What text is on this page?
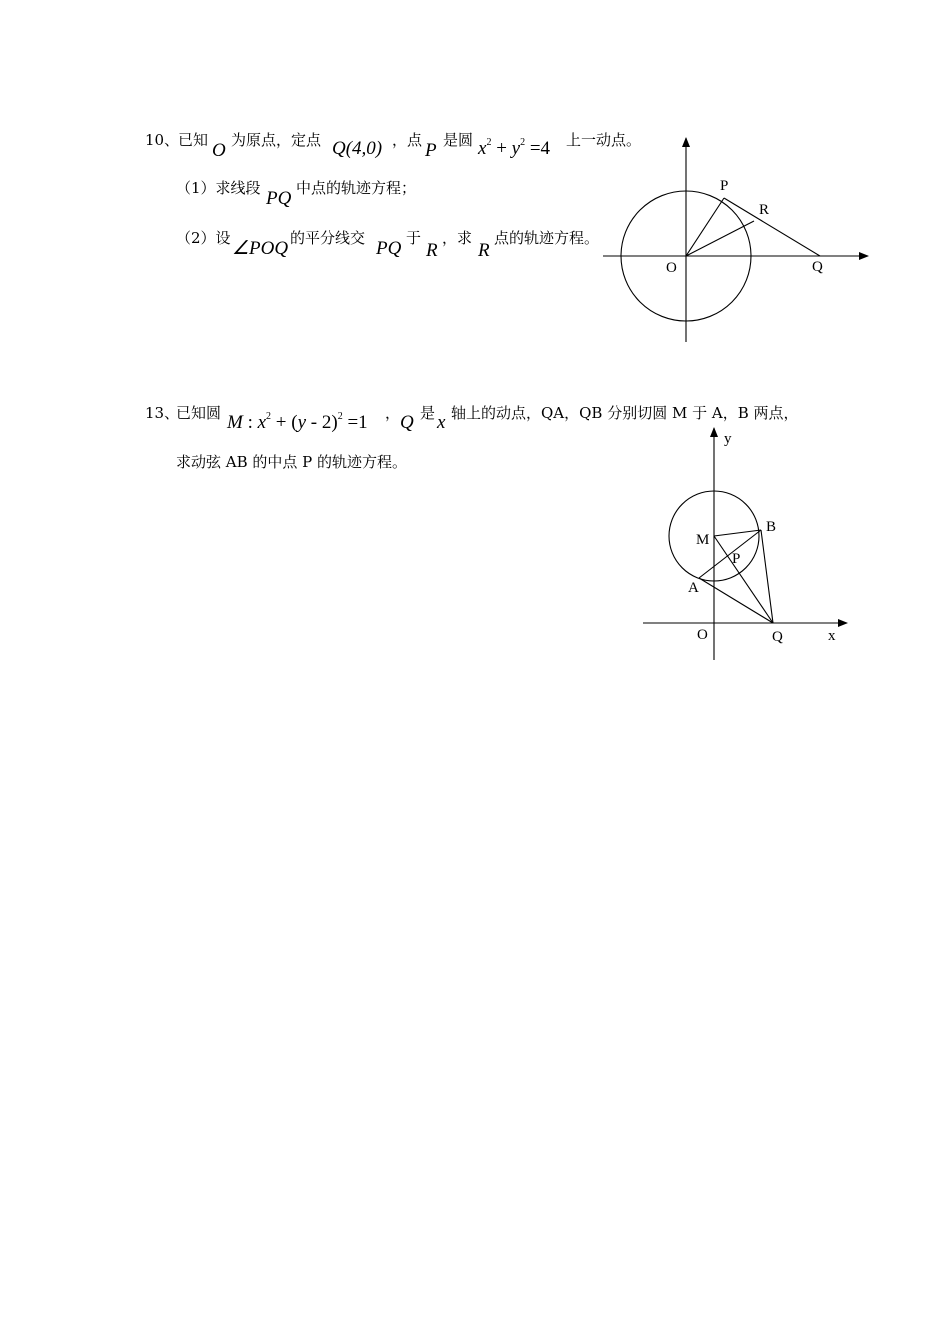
10、
已知 O 为原点，定点 Q(4,0) ，点 P 是圆 $x^2 + y^2 =4$ 上一动点。
（1）求线段 PQ 中点的轨迹方程；
（2）设 ∠POQ 的平分线交 PQ 于
R
，求
R
点的轨迹方程。
13、
已知圆 M : $x^2 + (y - 2)^2 =1$ ， Q 是 x 轴上的动点，QA，QB 分别切圆 M 于 A，B 两点，
求动弦 AB 的中点 P 的轨迹方程。
P
R
O	Q
y
B
M
P
A
O	Q	x
